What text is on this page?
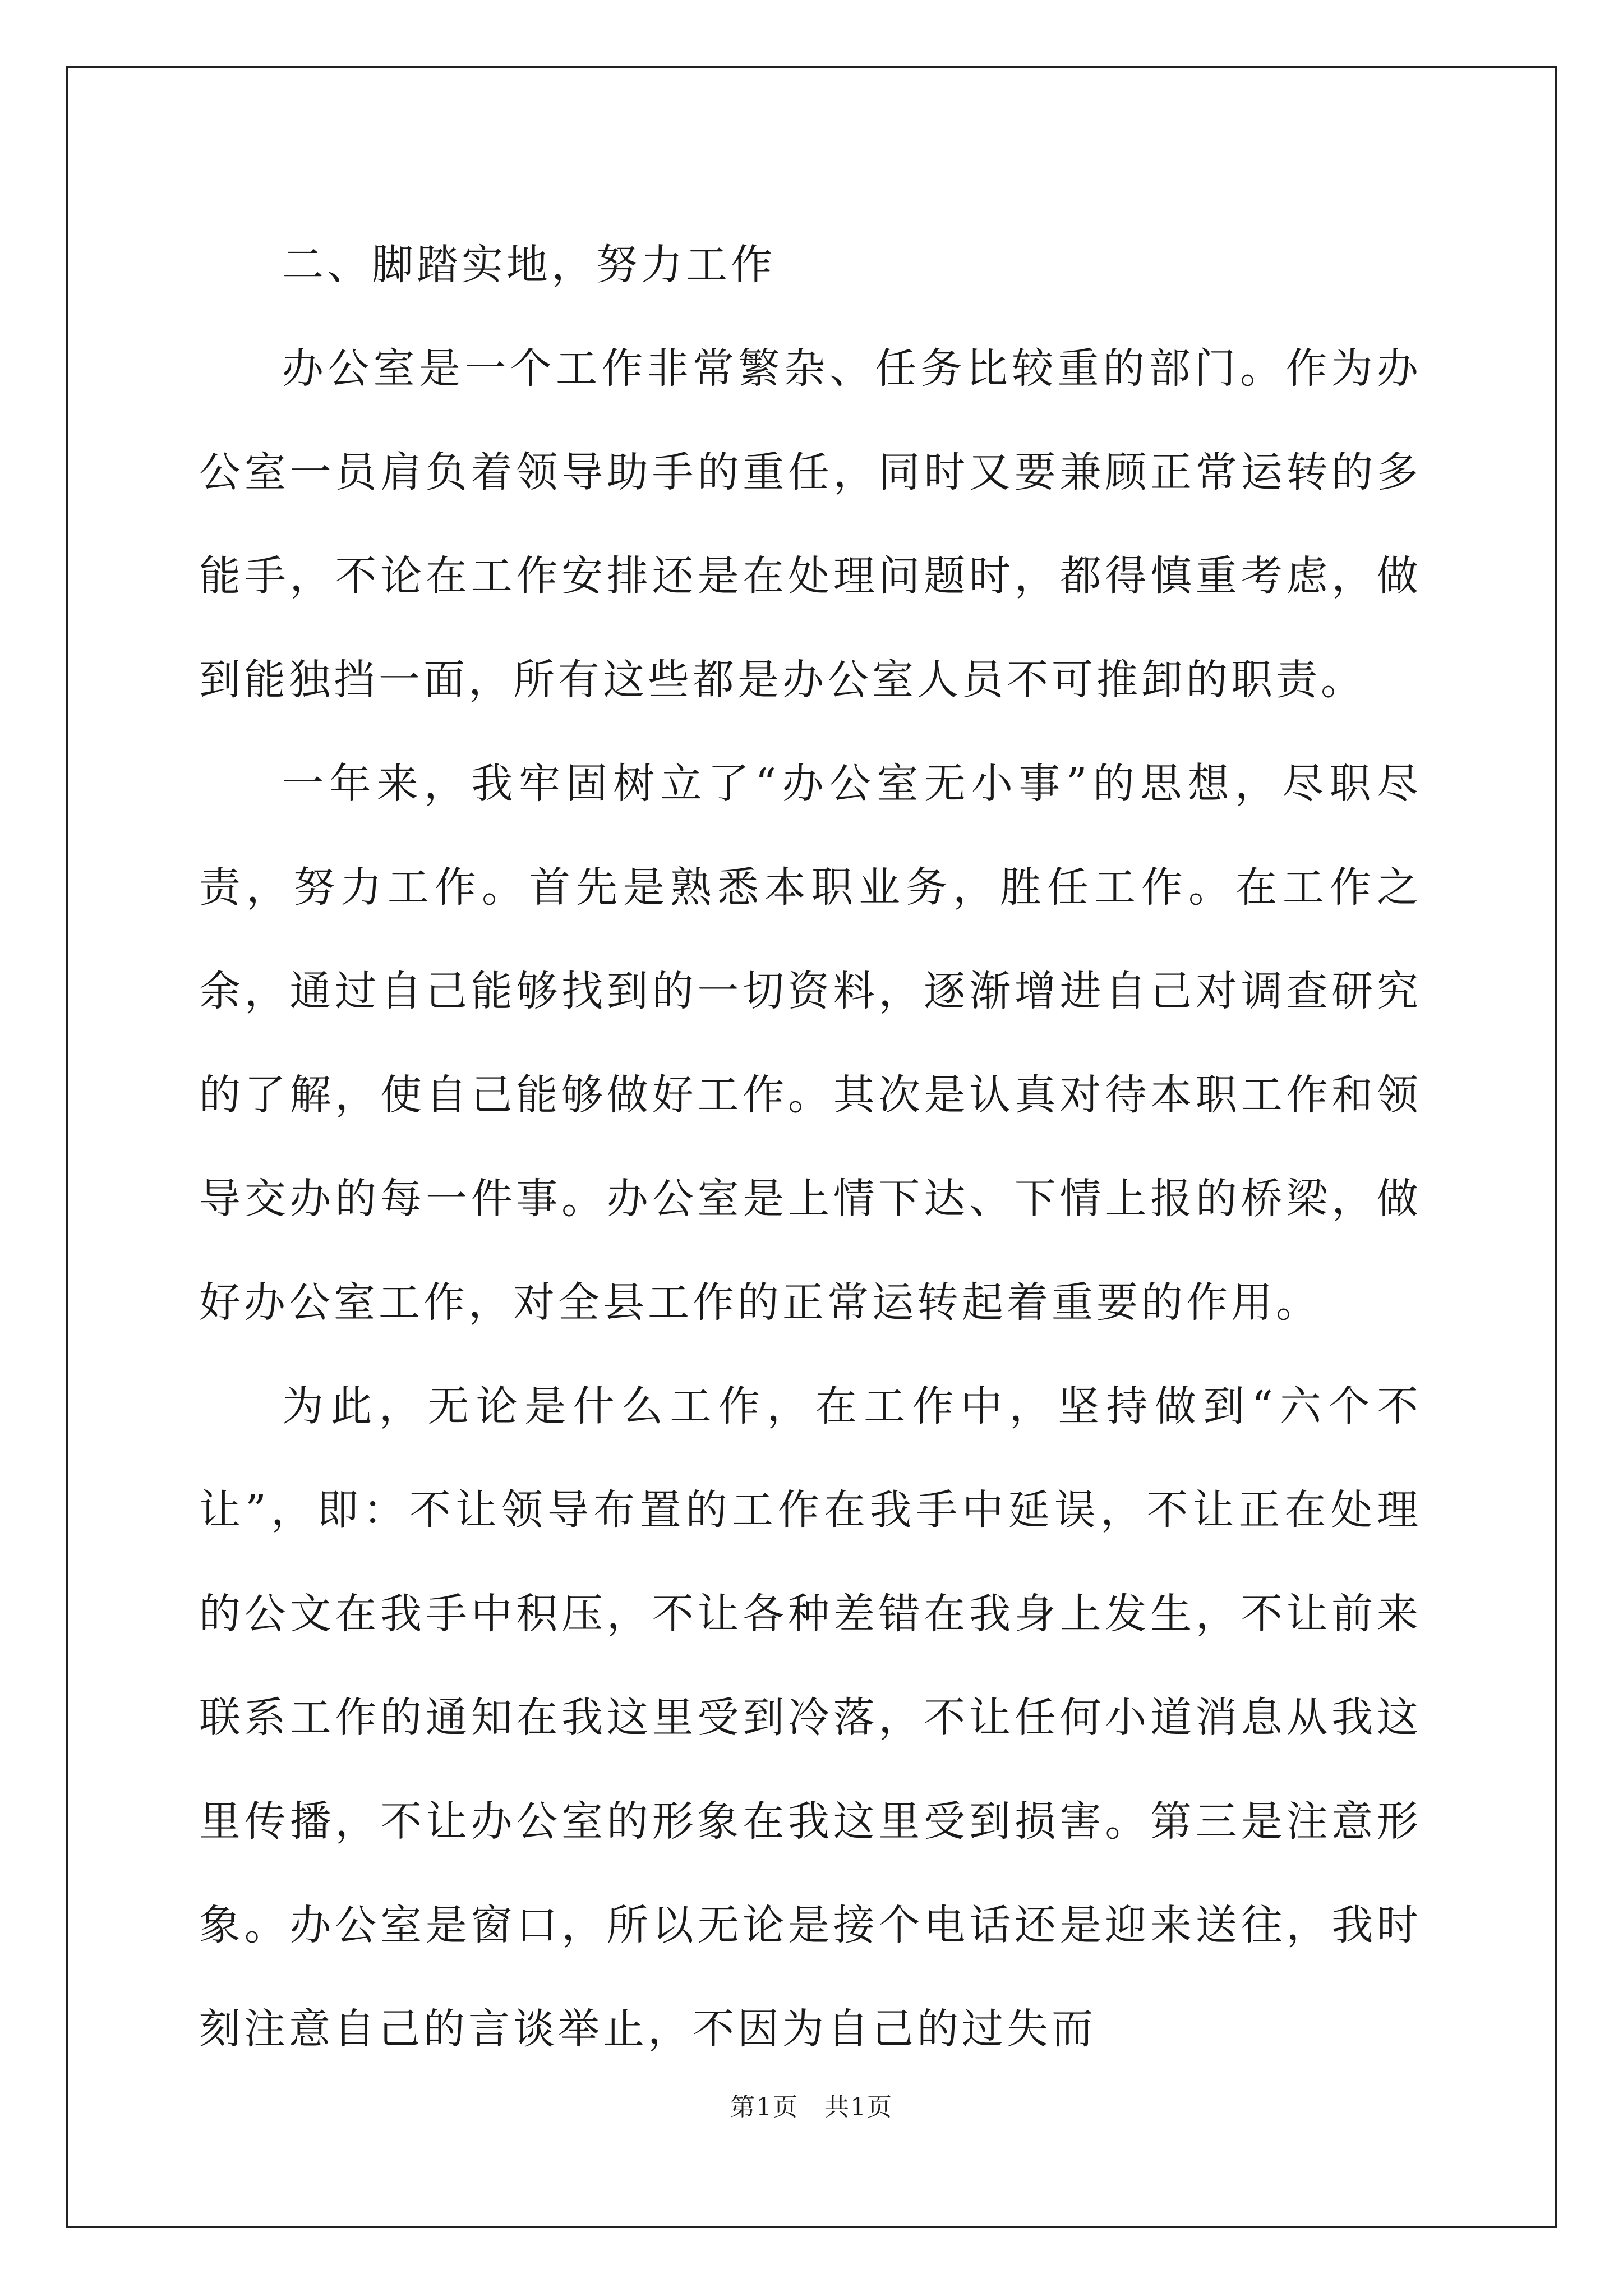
二、脚踏实地，努力工作

办公室是一个工作非常繁杂、任务比较重的部门。作为办公室一员肩负着领导助手的重任，同时又要兼顾正常运转的多能手，不论在工作安排还是在处理问题时，都得慎重考虑，做到能独挡一面，所有这些都是办公室人员不可推卸的职责。

一年来，我牢固树立了“办公室无小事”的思想，尽职尽责，努力工作。首先是熟悉本职业务，胜任工作。在工作之余，通过自己能够找到的一切资料，逐渐增进自己对调查研究的了解，使自己能够做好工作。其次是认真对待本职工作和领导交办的每一件事。办公室是上情下达、下情上报的桥梁，做好办公室工作，对全县工作的正常运转起着重要的作用。

为此，无论是什么工作，在工作中，坚持做到“六个不让”，即：不让领导布置的工作在我手中延误，不让正在处理的公文在我手中积压，不让各种差错在我身上发生，不让前来联系工作的通知在我这里受到冷落，不让任何小道消息从我这里传播，不让办公室的形象在我这里受到损害。第三是注意形象。办公室是窗口，所以无论是接个电话还是迎来送往，我时刻注意自己的言谈举止，不因为自己的过失而

第1页　共1页
